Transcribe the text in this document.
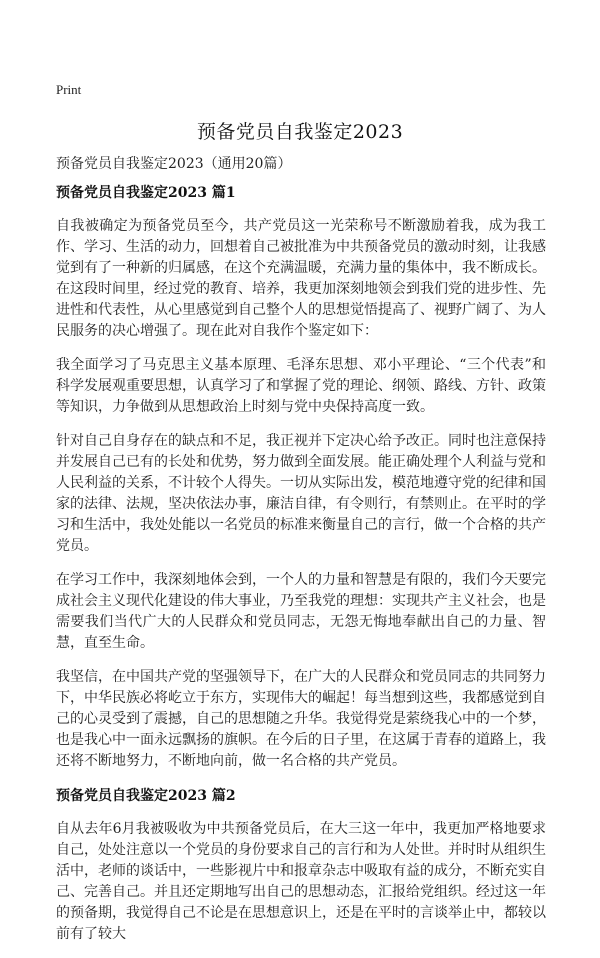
Print
预备党员自我鉴定2023
预备党员自我鉴定2023（通用20篇）
预备党员自我鉴定2023 篇1

自我被确定为预备党员至今，共产党员这一光荣称号不断激励着我，成为我工作、学习、生活的动力，回想着自己被批准为中共预备党员的激动时刻，让我感觉到有了一种新的归属感，在这个充满温暖，充满力量的集体中，我不断成长。在这段时间里，经过党的教育、培养，我更加深刻地领会到我们党的进步性、先进性和代表性，从心里感觉到自己整个人的思想觉悟提高了、视野广阔了、为人民服务的决心增强了。现在此对自我作个鉴定如下：

我全面学习了马克思主义基本原理、毛泽东思想、邓小平理论、“三个代表”和科学发展观重要思想，认真学习了和掌握了党的理论、纲领、路线、方针、政策等知识，力争做到从思想政治上时刻与党中央保持高度一致。

针对自己自身存在的缺点和不足，我正视并下定决心给予改正。同时也注意保持并发展自己已有的长处和优势，努力做到全面发展。能正确处理个人利益与党和人民利益的关系，不计较个人得失。一切从实际出发，模范地遵守党的纪律和国家的法律、法规，坚决依法办事，廉洁自律，有令则行，有禁则止。在平时的学习和生活中，我处处能以一名党员的标准来衡量自己的言行，做一个合格的共产党员。

在学习工作中，我深刻地体会到，一个人的力量和智慧是有限的，我们今天要完成社会主义现代化建设的伟大事业，乃至我党的理想：实现共产主义社会，也是需要我们当代广大的人民群众和党员同志，无怨无悔地奉献出自己的力量、智慧，直至生命。

我坚信，在中国共产党的坚强领导下，在广大的人民群众和党员同志的共同努力下，中华民族必将屹立于东方，实现伟大的崛起！每当想到这些，我都感觉到自己的心灵受到了震撼，自己的思想随之升华。我觉得党是萦绕我心中的一个梦，也是我心中一面永远飘扬的旗帜。在今后的日子里，在这属于青春的道路上，我还将不断地努力，不断地向前，做一名合格的共产党员。

预备党员自我鉴定2023 篇2

自从去年6月我被吸收为中共预备党员后，在大三这一年中，我更加严格地要求自己，处处注意以一个党员的身份要求自己的言行和为人处世。并时时从组织生活中，老师的谈话中，一些影视片中和报章杂志中吸取有益的成分，不断充实自己、完善自己。并且还定期地写出自己的思想动态，汇报给党组织。经过这一年的预备期，我觉得自己不论是在思想意识上，还是在平时的言谈举止中，都较以前有了较大
